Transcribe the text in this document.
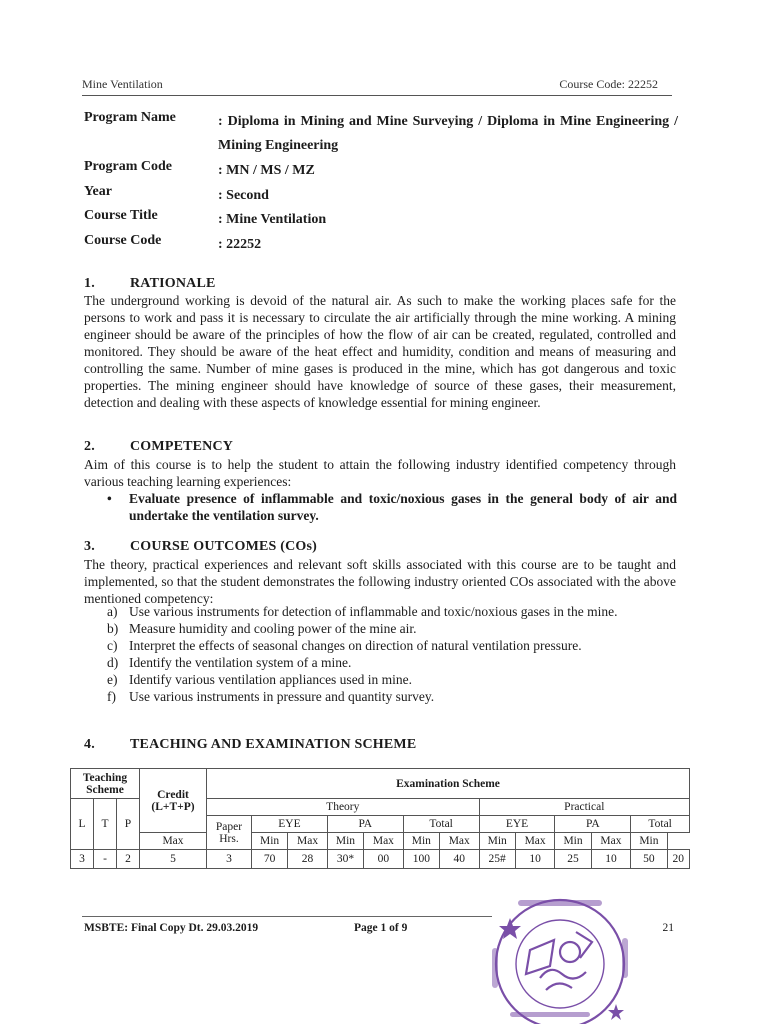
Mine Ventilation	Course Code: 22252
Program Name	: Diploma in Mining and Mine Surveying / Diploma in Mine Engineering / Mining Engineering
Program Code	: MN / MS / MZ
Year	: Second
Course Title	: Mine Ventilation
Course Code	: 22252
1.	RATIONALE
The underground working is devoid of the natural air. As such to make the working places safe for the persons to work and pass it is necessary to circulate the air artificially through the mine working. A mining engineer should be aware of the principles of how the flow of air can be created, regulated, controlled and monitored. They should be aware of the heat effect and humidity, condition and means of measuring and controlling the same. Number of mine gases is produced in the mine, which has got dangerous and toxic properties. The mining engineer should have knowledge of source of these gases, their measurement, detection and dealing with these aspects of knowledge essential for mining engineer.
2.	COMPETENCY
Aim of this course is to help the student to attain the following industry identified competency through various teaching learning experiences:
• Evaluate presence of inflammable and toxic/noxious gases in the general body of air and undertake the ventilation survey.
3.	COURSE OUTCOMES (COs)
The theory, practical experiences and relevant soft skills associated with this course are to be taught and implemented, so that the student demonstrates the following industry oriented COs associated with the above mentioned competency:

a) Use various instruments for detection of inflammable and toxic/noxious gases in the mine.

b) Measure humidity and cooling power of the mine air.

c) Interpret the effects of seasonal changes on direction of natural ventilation pressure.

d) Identify the ventilation system of a mine.

e) Identify various ventilation appliances used in mine.

f) Use various instruments in pressure and quantity survey.

4.	TEACHING AND EXAMINATION SCHEME
Teaching Scheme			Credit (L+T+P)	Examination Scheme												
L	T	P		Theory							Practical					
				Paper Hrs.	EYE		PA		Total		EYE		PA		Total	
			Max		Min	Max	Min	Max	Min	Max	Min	Max	Min	Max	Min	
3	-	2	5	3	70	28	30*	00	100	40	25#	10	25	10	50	20
MSBTE: Final Copy Dt. 29.03.2019	Page 1 of 9	21
